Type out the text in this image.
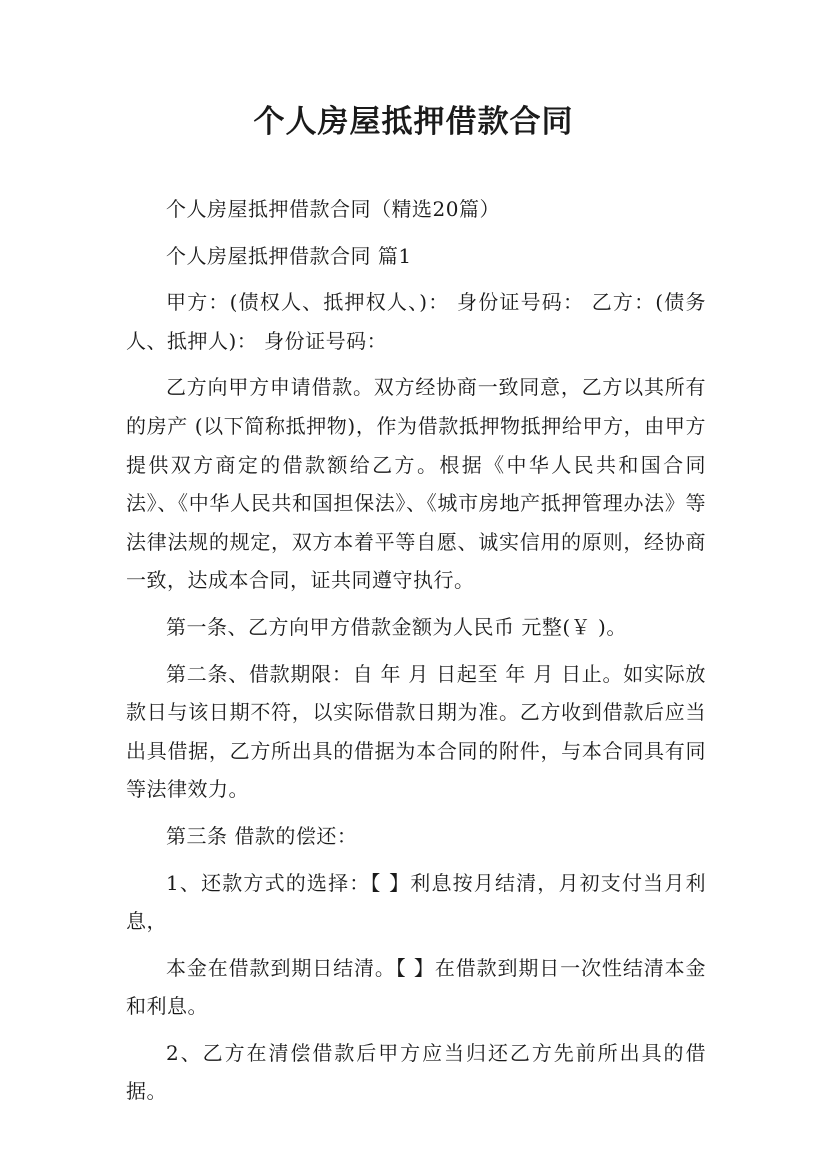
个人房屋抵押借款合同

个人房屋抵押借款合同（精选20篇）

个人房屋抵押借款合同 篇1

甲方：(债权人、抵押权人、)： 身份证号码： 乙方：(债务人、抵押人)： 身份证号码：

乙方向甲方申请借款。双方经协商一致同意，乙方以其所有的房产 (以下简称抵押物)，作为借款抵押物抵押给甲方，由甲方提供双方商定的借款额给乙方。根据《中华人民共和国合同法》、《中华人民共和国担保法》、《城市房地产抵押管理办法》等法律法规的规定，双方本着平等自愿、诚实信用的原则，经协商一致，达成本合同，证共同遵守执行。

第一条、乙方向甲方借款金额为人民币 元整(￥ )。

第二条、借款期限：自 年 月 日起至 年 月 日止。如实际放款日与该日期不符，以实际借款日期为准。乙方收到借款后应当出具借据，乙方所出具的借据为本合同的附件，与本合同具有同等法律效力。

第三条 借款的偿还：

1、还款方式的选择：【 】利息按月结清，月初支付当月利息，

本金在借款到期日结清。【 】在借款到期日一次性结清本金和利息。

2、乙方在清偿借款后甲方应当归还乙方先前所出具的借据。
